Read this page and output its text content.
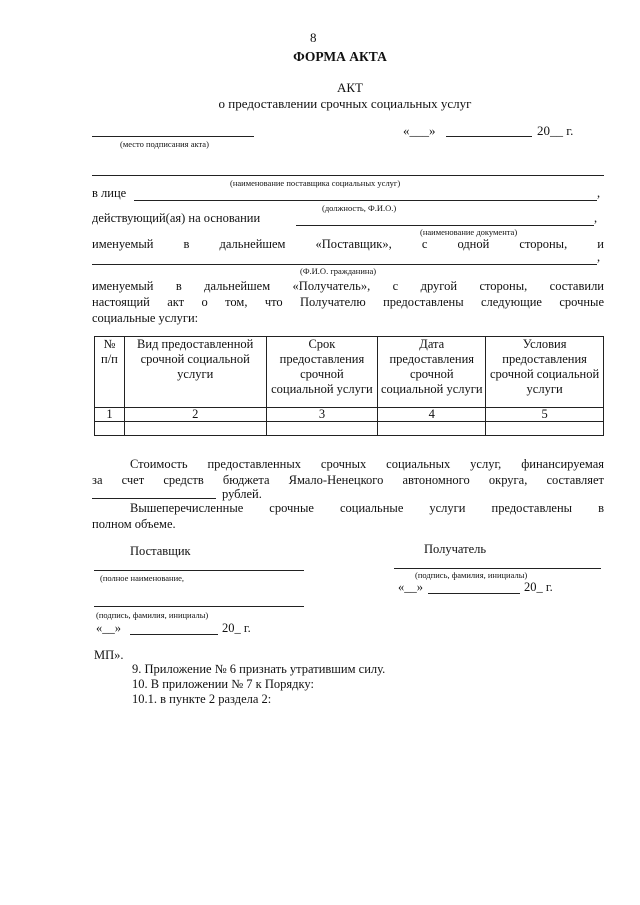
8
ФОРМА АКТА
АКТ
о предоставлении срочных социальных услуг
(место подписания акта)
«___»	20__ г.
(наименование поставщика социальных услуг)
в лице	,
(должность, Ф.И.О.)
действующий(ая) на основании	,
(наименование документа)
именуемый в дальнейшем «Поставщик», с одной стороны, и
,
(Ф.И.О. гражданина)
именуемый в дальнейшем «Получатель», с другой стороны, составили
настоящий акт о том, что Получателю предоставлены следующие срочные
социальные услуги:
№ п/п	Вид предоставленной срочной социальной услуги	Срок предоставления срочной социальной услуги	Дата предоставления срочной социальной услуги	Условия предоставления срочной социальной услуги
1	2	3	4	5

Стоимость предоставленных срочных социальных услуг, финансируемая
за счет средств бюджета Ямало-Ненецкого автономного округа, составляет
рублей.
Вышеперечисленные срочные социальные услуги предоставлены в
полном объеме.
Поставщик	Получатель
(полное наименование,	(подпись, фамилия, инициалы)
«__»	20_ г.
(подпись, фамилия, инициалы)
«__»	20_ г.
МП».
9. Приложение № 6 признать утратившим силу.
10. В приложении № 7 к Порядку:
10.1. в пункте 2 раздела 2:
